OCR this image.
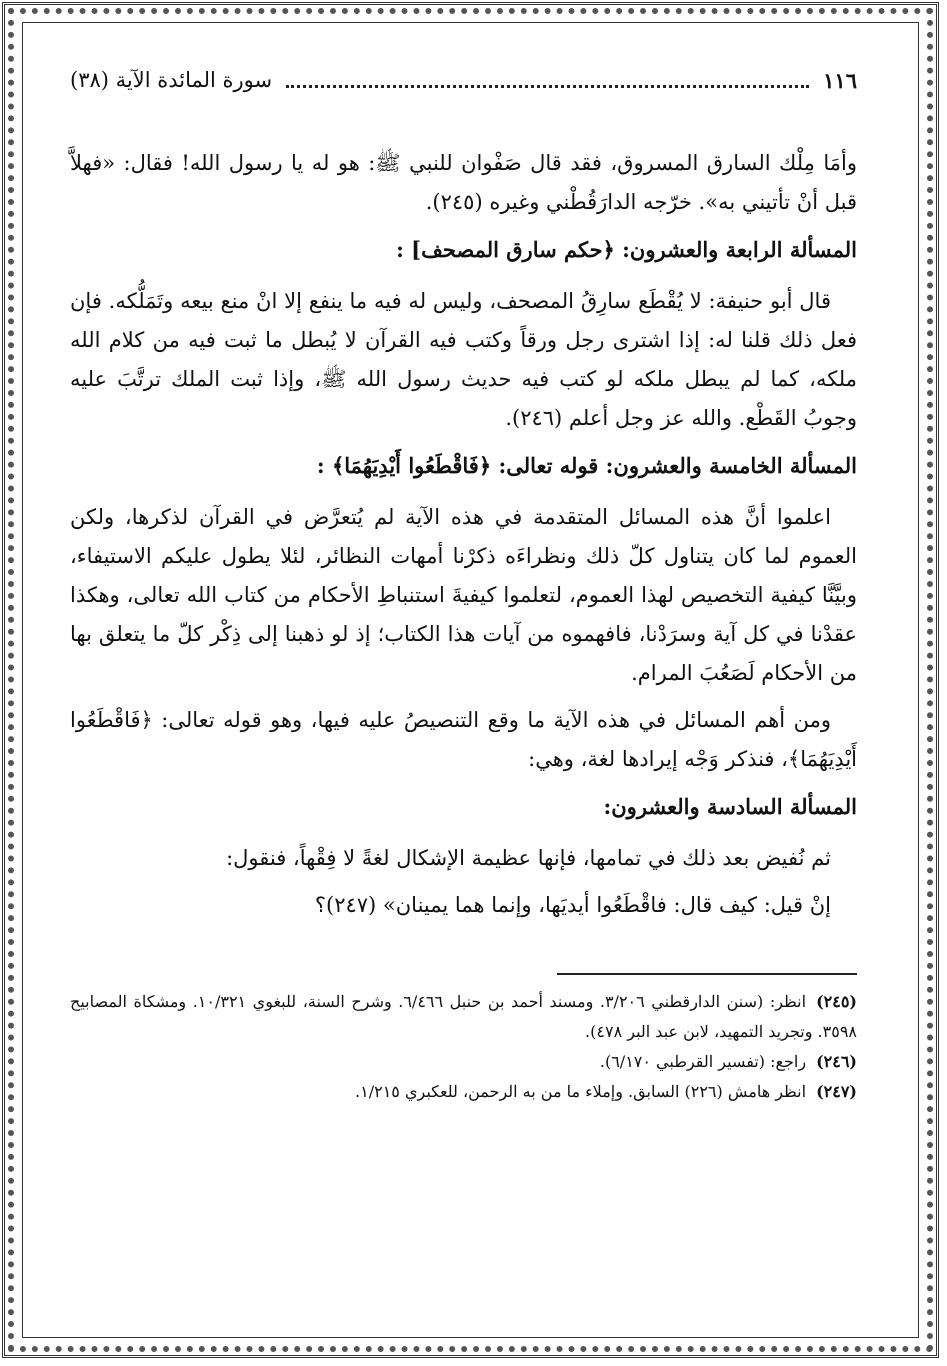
١١٦
سورة المائدة الآية (٣٨)

وأمَا مِلْك السارق المسروق، فقد قال صَفْوان للنبي ﷺ: هو له يا رسول الله! فقال: «فهلاَّ قبل أنْ تأتيني به». خرّجه الدارَقُطْني وغيره (٢٤٥).

المسألة الرابعة والعشرون: ﴿حكم سارق المصحف] :

قال أبو حنيفة: لا يُقْطَع سارِقُ المصحف، وليس له فيه ما ينفع إلا انْ منع بيعه وتَمَلُّكه. فإن فعل ذلك قلنا له: إذا اشترى رجل ورقاً وكتب فيه القرآن لا يُبطل ما ثبت فيه من كلام الله ملكه، كما لم يبطل ملكه لو كتب فيه حديث رسول الله ﷺ، وإذا ثبت الملك ترتَّبَ عليه وجوبُ القَطْع. والله عز وجل أعلم (٢٤٦).

المسألة الخامسة والعشرون: قوله تعالى: ﴿فَاقْطَعُوا أَيْدِيَهُمَا﴾ :

اعلموا أنَّ هذه المسائل المتقدمة في هذه الآية لم يُتعرَّض في القرآن لذكرها، ولكن العموم لما كان يتناول كلّ ذلك ونظراءَه ذكرْنا أمهات النظائر، لئلا يطول عليكم الاستيفاء، وبيَّنَّا كيفية التخصيص لهذا العموم، لتعلموا كيفيةَ استنباطِ الأحكام من كتاب الله تعالى، وهكذا عقدْنا في كل آية وسرَدْنا، فافهموه من آيات هذا الكتاب؛ إذ لو ذهبنا إلى ذِكْر كلّ ما يتعلق بها من الأحكام لَصَعُبَ المرام.

ومن أهم المسائل في هذه الآية ما وقع التنصيصُ عليه فيها، وهو قوله تعالى: ﴿فَاقْطَعُوا أَيْدِيَهُمَا﴾، فنذكر وَجْه إيرادها لغة، وهي:

المسألة السادسة والعشرون:

ثم نُفيض بعد ذلك في تمامها، فإنها عظيمة الإشكال لغةً لا فِقْهاً، فنقول:

إنْ قيل: كيف قال: فاقْطَعُوا أيديَها، وإنما هما يمينان» (٢٤٧)؟

(٢٤٥)انظر: (سنن الدارقطني ٣/٢٠٦. ومسند أحمد بن حنبل ٦/٤٦٦. وشرح السنة، للبغوي ١٠/٣٢١. ومشكاة المصابيح ٣٥٩٨. وتجريد التمهيد، لابن عبد البر ٤٧٨).

(٢٤٦)راجع: (تفسير القرطبي ٦/١٧٠).

(٢٤٧)انظر هامش (٢٢٦) السابق. وإملاء ما من به الرحمن، للعكبري ١/٢١٥.
